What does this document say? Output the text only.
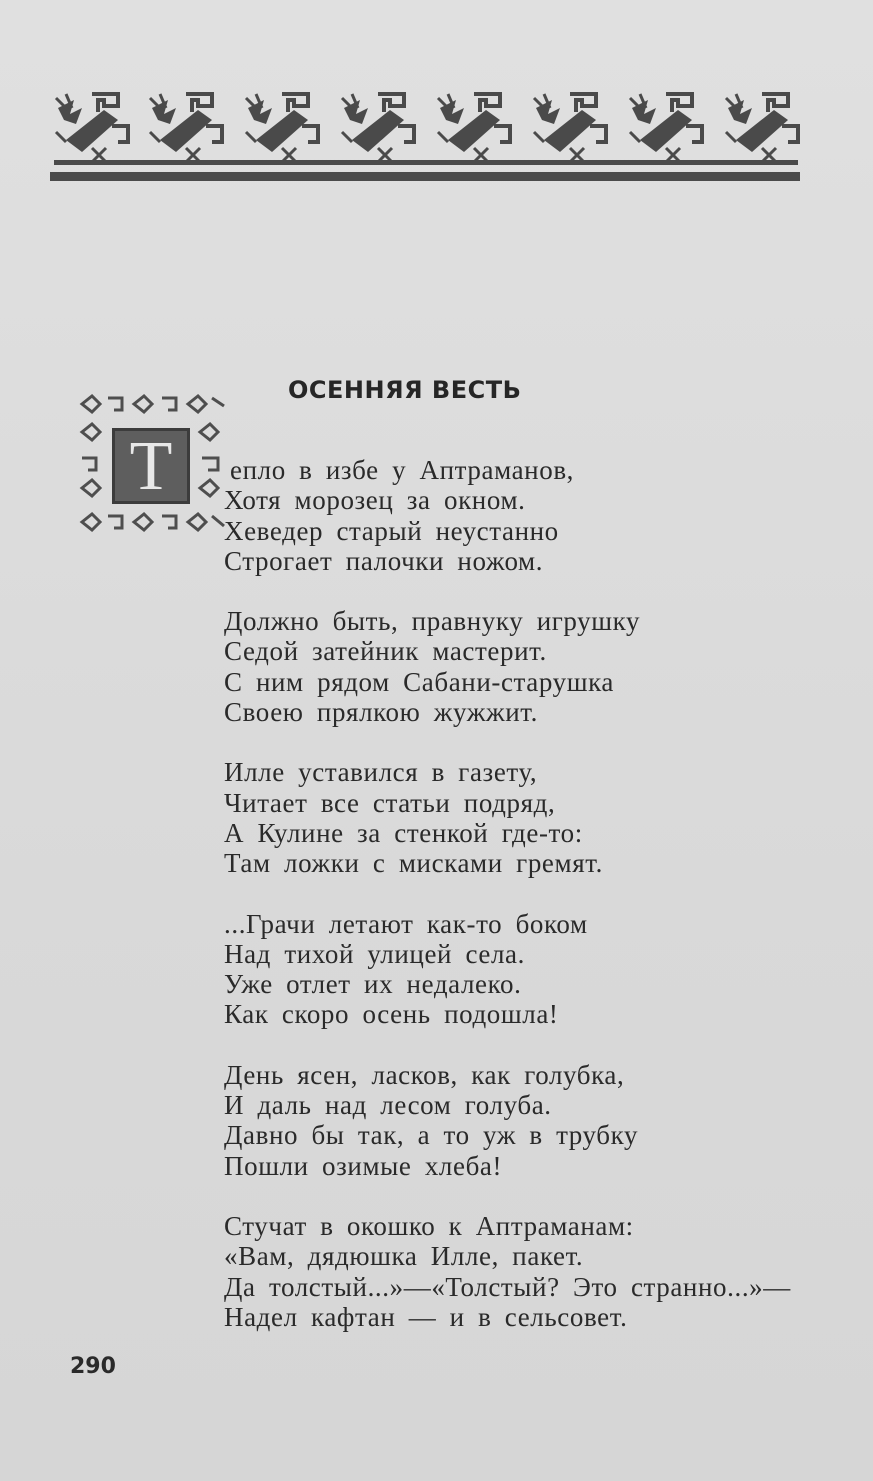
ОСЕННЯЯ ВЕСТЬ
Т	епло в избе у Аптраманов,
Хотя морозец за окном.
Хеведер старый неустанно
Строгает палочки ножом.
Должно быть, правнуку игрушку
Седой затейник мастерит.
С ним рядом Сабани-старушка
Своею прялкою жужжит.
Илле уставился в газету,
Читает все статьи подряд,
А Кулине за стенкой где-то:
Там ложки с мисками гремят.
...Грачи летают как-то боком
Над тихой улицей села.
Уже отлет их недалеко.
Как скоро осень подошла!
День ясен, ласков, как голубка,
И даль над лесом голуба.
Давно бы так, а то уж в трубку
Пошли озимые хлеба!
Стучат в окошко к Аптраманам:
«Вам, дядюшка Илле, пакет.
Да толстый...»—«Толстый? Это странно...»—
Надел кафтан — и в сельсовет.
290
